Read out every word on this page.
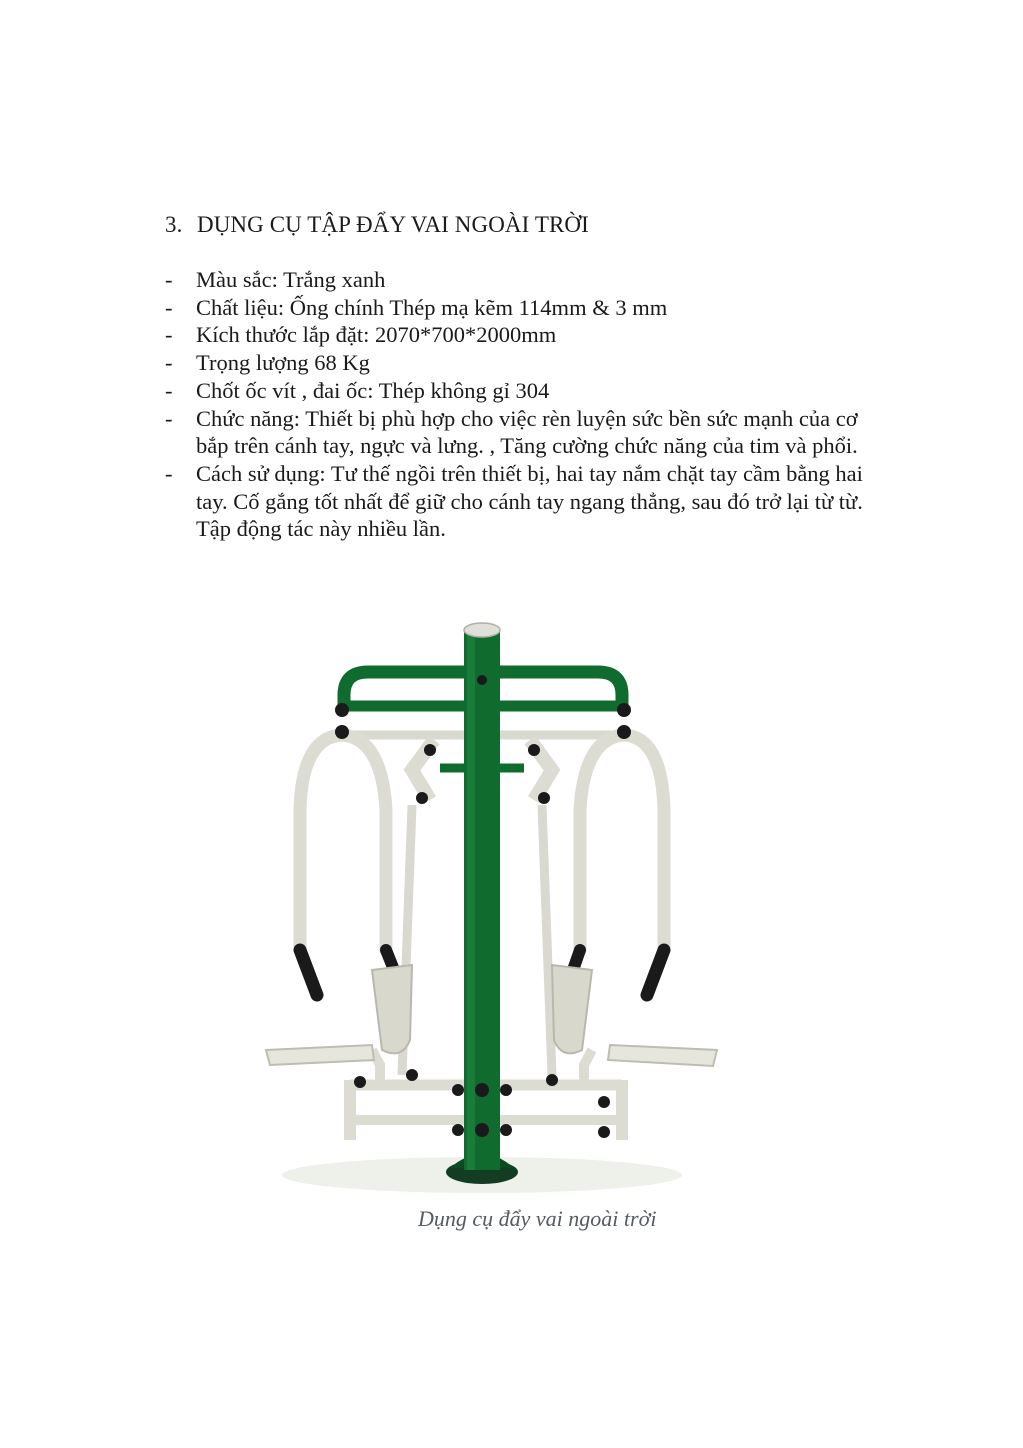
3. DỤNG CỤ TẬP ĐẨY VAI NGOÀI TRỜI
- Màu sắc: Trắng xanh
- Chất liệu: Ống chính Thép mạ kẽm 114mm & 3 mm
- Kích thước lắp đặt: 2070*700*2000mm
- Trọng lượng 68 Kg
- Chốt ốc vít , đai ốc: Thép không gỉ 304
- Chức năng: Thiết bị phù hợp cho việc rèn luyện sức bền sức mạnh của cơ bắp trên cánh tay, ngực và lưng. , Tăng cường chức năng của tim và phổi.
- Cách sử dụng: Tư thế ngồi trên thiết bị, hai tay nắm chặt tay cầm bằng hai tay. Cố gắng tốt nhất để giữ cho cánh tay ngang thẳng, sau đó trở lại từ từ. Tập động tác này nhiều lần.
Dụng cụ đẩy vai ngoài trời
